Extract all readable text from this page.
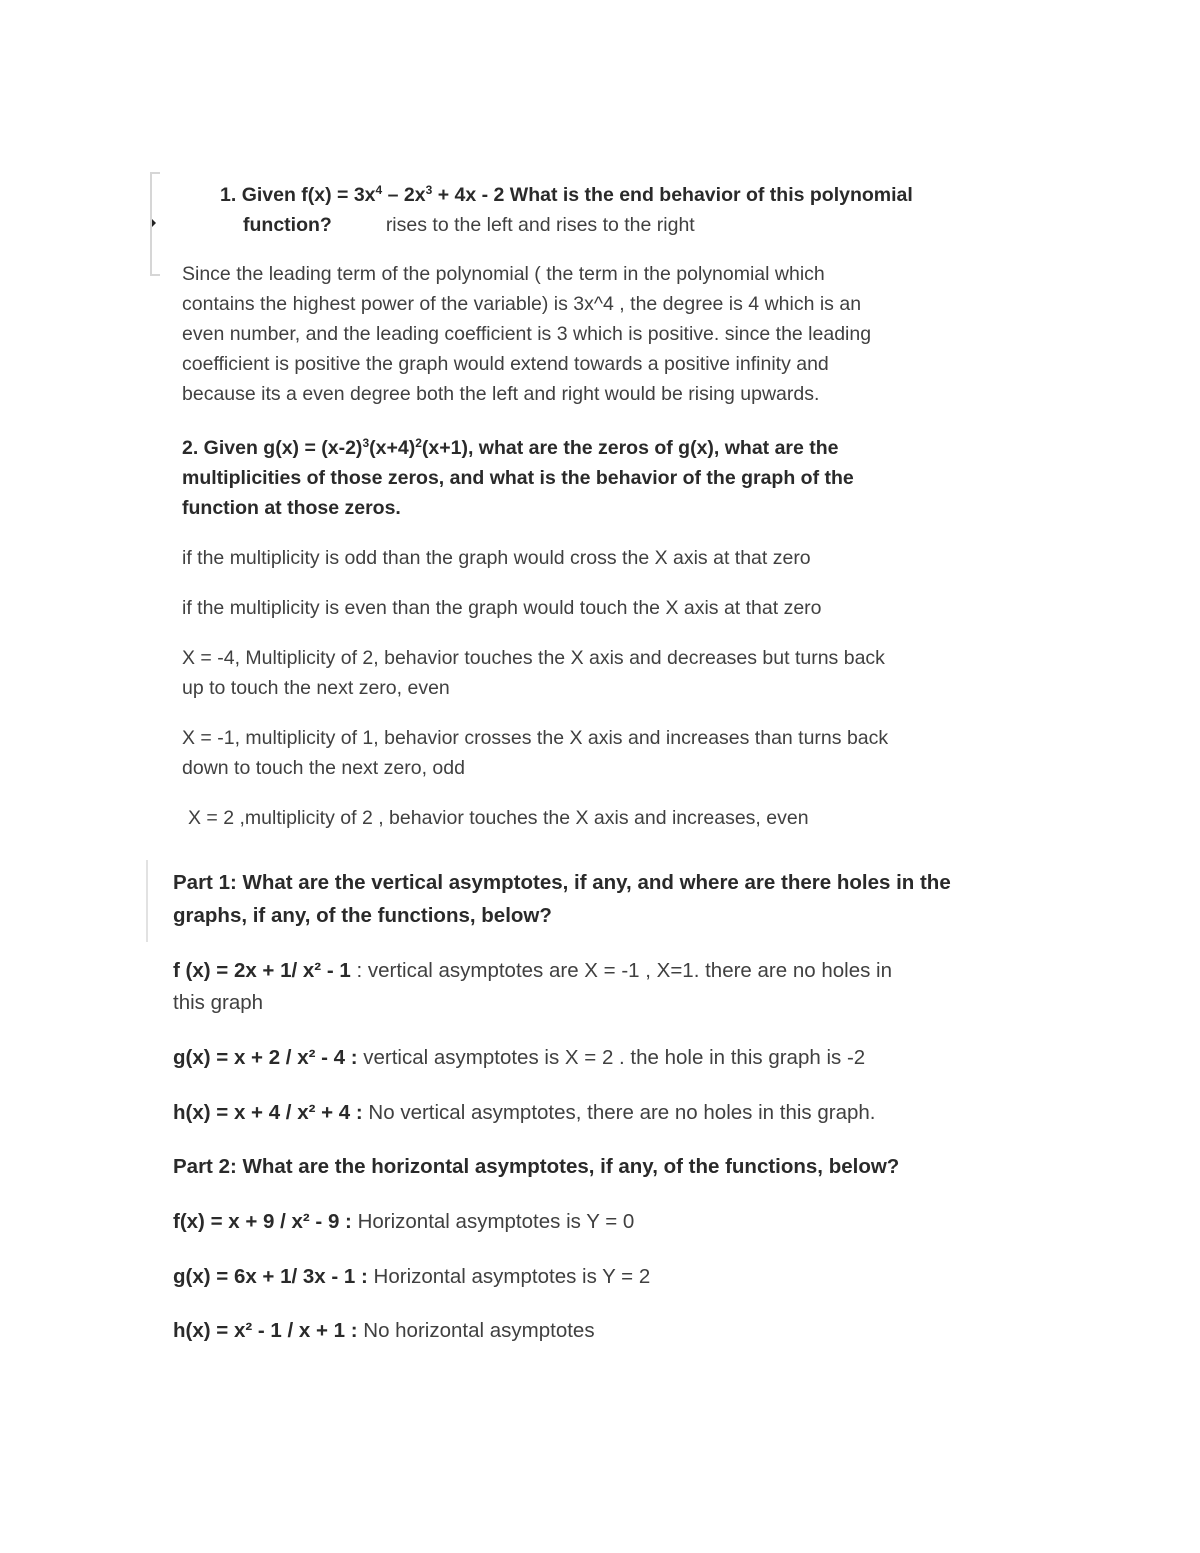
1. Given $f(x) = 3x^4 - 2x^3 + 4x - 2$ What is the end behavior of this polynomial
function?	rises to the left and rises to the right
Since the leading term of the polynomial ( the term in the polynomial which
contains the highest power of the variable) is 3x^4 , the degree is 4 which is an
even number, and the leading coefficient is 3 which is positive. since the leading
coefficient is positive the graph would extend towards a positive infinity and
because its a even degree both the left and right would be rising upwards.
2. Given $g(x) = (x-2)^3(x+4)^2(x+1)$, what are the zeros of g(x), what are the
multiplicities of those zeros, and what is the behavior of the graph of the
function at those zeros.
if the multiplicity is odd than the graph would cross the X axis at that zero
if the multiplicity is even than the graph would touch the X axis at that zero
X = -4, Multiplicity of 2, behavior touches the X axis and decreases but turns back
up to touch the next zero, even
X = -1, multiplicity of 1, behavior crosses the X axis and increases than turns back
down to touch the next zero, odd
X = 2 ,multiplicity of 2 , behavior touches the X axis and increases, even
Part 1: What are the vertical asymptotes, if any, and where are there holes in the
graphs, if any, of the functions, below?
f (x) = 2x + 1/ x² - 1 : vertical asymptotes are X = -1 , X=1. there are no holes in
this graph
g(x) = x + 2 / x² - 4 : vertical asymptotes is X = 2 . the hole in this graph is -2
h(x) = x + 4 / x² + 4 : No vertical asymptotes, there are no holes in this graph.
Part 2: What are the horizontal asymptotes, if any, of the functions, below?
f(x) = x + 9 / x² - 9 : Horizontal asymptotes is Y = 0
g(x) = 6x + 1/ 3x - 1 : Horizontal asymptotes is Y = 2
h(x) = x² - 1 / x + 1 : No horizontal asymptotes
